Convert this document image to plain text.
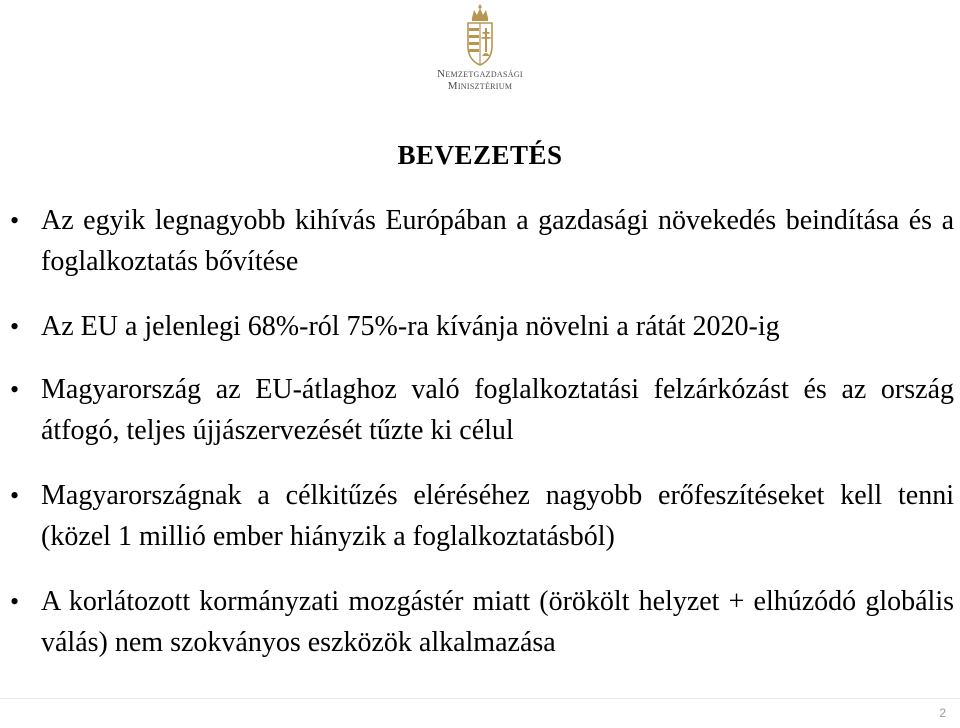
Nemzetgazdasági
Minisztérium
BEVEZETÉS
• Az egyik legnagyobb kihívás Európában a gazdasági növekedés beindítása és a foglalkoztatás bővítése
• Az EU a jelenlegi 68%-ról 75%-ra kívánja növelni a rátát 2020-ig
• Magyarország az EU-átlaghoz való foglalkoztatási felzárkózást és az ország átfogó, teljes újjászervezését tűzte ki célul
• Magyarországnak a célkitűzés eléréséhez nagyobb erőfeszítéseket kell tenni (közel 1 millió ember hiányzik a foglalkoztatásból)
• A korlátozott kormányzati mozgástér miatt (örökölt helyzet + elhúzódó globális válás) nem szokványos eszközök alkalmazása
2
